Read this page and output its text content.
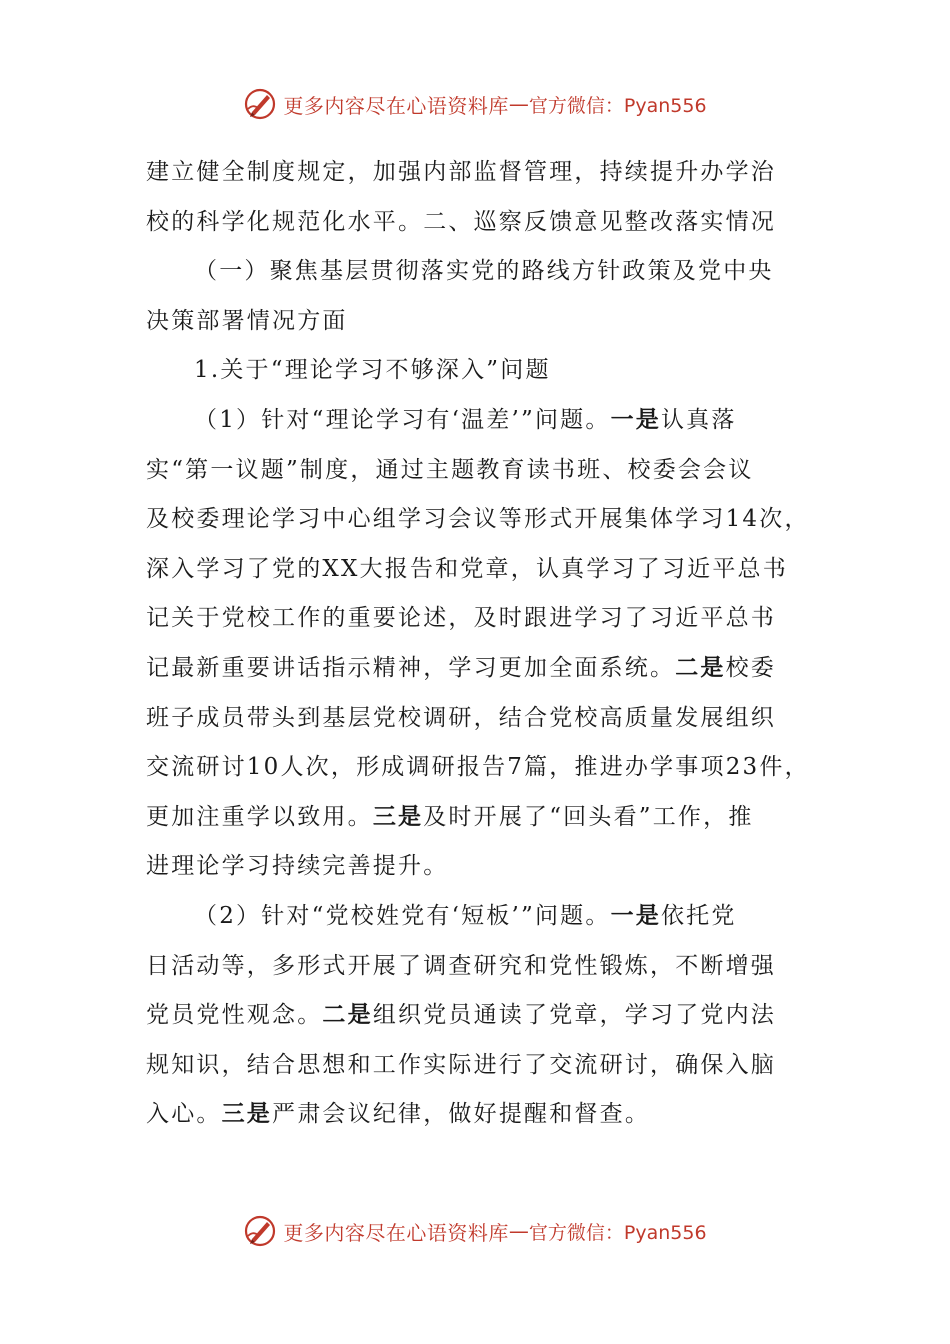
更多内容尽在心语资料库 — 官方微信：Pyan556
建立健全制度规定，加强内部监督管理，持续提升办学治
校的科学化规范化水平。二、巡察反馈意见整改落实情况
（一）聚焦基层贯彻落实党的路线方针政策及党中央
决策部署情况方面
1.关于“理论学习不够深入”问题
（1）针对“理论学习有‘温差’”问题。一是认真落
实“第一议题”制度，通过主题教育读书班、校委会会议
及校委理论学习中心组学习会议等形式开展集体学习14次，
深入学习了党的XX大报告和党章，认真学习了习近平总书
记关于党校工作的重要论述，及时跟进学习了习近平总书
记最新重要讲话指示精神，学习更加全面系统。二是校委
班子成员带头到基层党校调研，结合党校高质量发展组织
交流研讨10人次，形成调研报告7篇，推进办学事项23件，
更加注重学以致用。三是及时开展了“回头看”工作，推
进理论学习持续完善提升。
（2）针对“党校姓党有‘短板’”问题。一是依托党
日活动等，多形式开展了调查研究和党性锻炼，不断增强
党员党性观念。二是组织党员通读了党章，学习了党内法
规知识，结合思想和工作实际进行了交流研讨，确保入脑
入心。三是严肃会议纪律，做好提醒和督查。
更多内容尽在心语资料库 — 官方微信：Pyan556
